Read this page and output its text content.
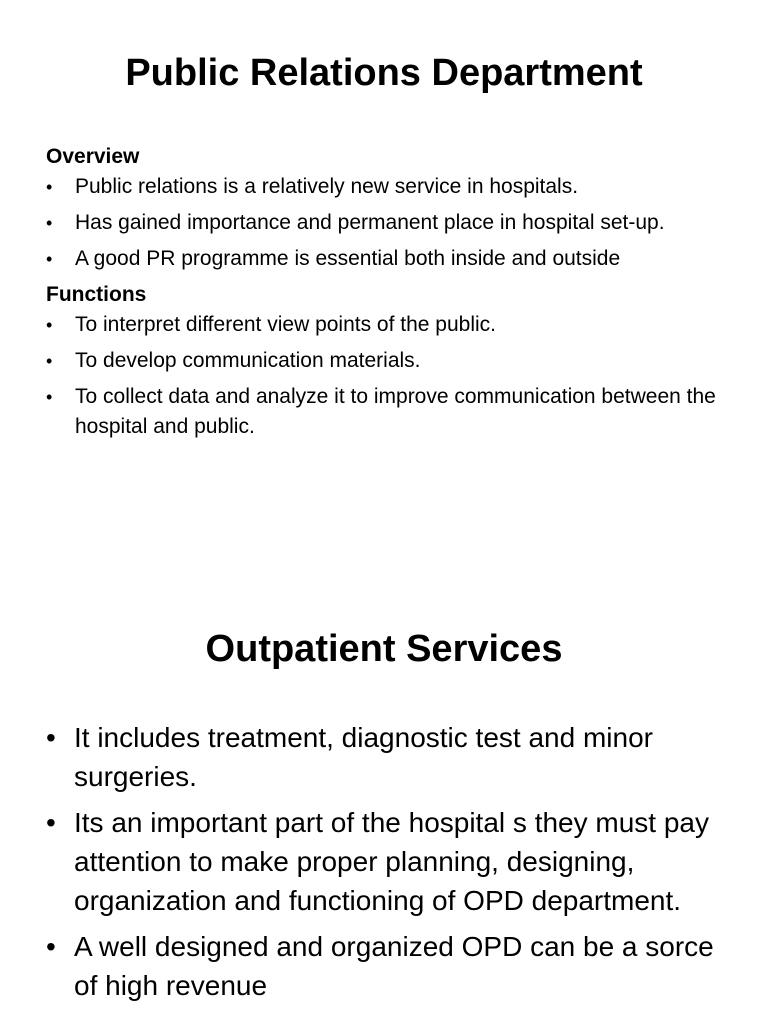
Public Relations Department

Overview

• Public relations is a relatively new service in hospitals.
• Has gained importance and permanent place in hospital set-up.
• A good PR programme is essential both inside and outside

Functions

• To interpret different view points of the public.
• To develop communication materials.
• To collect data and analyze it to improve communication between the hospital and public.
Outpatient Services
• It includes treatment, diagnostic test and minor surgeries.
• Its an important part of the hospital s they must pay attention to make proper planning, designing, organization and functioning of OPD department.
• A well designed and organized OPD can be a sorce of high revenue
